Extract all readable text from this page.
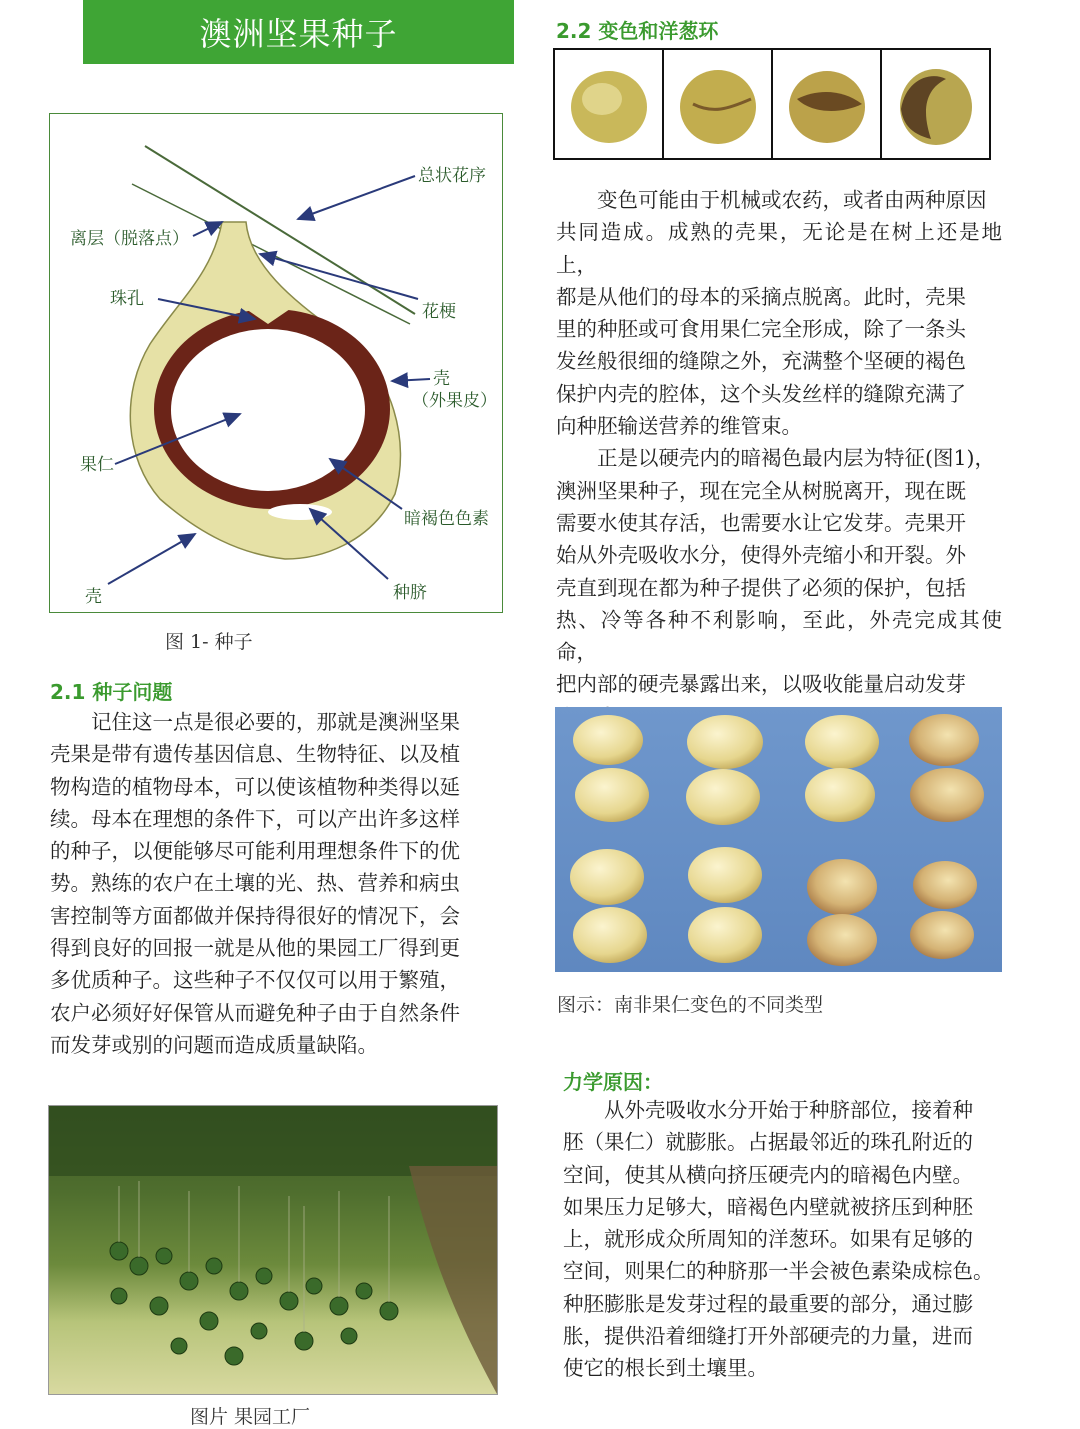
澳洲坚果种子
总状花序
离层（脱落点）
珠孔
花梗
壳
（外果皮）
果仁
暗褐色色素
壳	种脐
图 1- 种子
2.1 种子问题
记住这一点是很必要的，那就是澳洲坚果
壳果是带有遗传基因信息、生物特征、以及植
物构造的植物母本，可以使该植物种类得以延
续。母本在理想的条件下，可以产出许多这样
的种子，以便能够尽可能利用理想条件下的优
势。熟练的农户在土壤的光、热、营养和病虫
害控制等方面都做并保持得很好的情况下，会
得到良好的回报一就是从他的果园工厂得到更
多优质种子。这些种子不仅仅可以用于繁殖，
农户必须好好保管从而避免种子由于自然条件
而发芽或别的问题而造成质量缺陷。
图片 果园工厂
2.2 变色和洋葱环
变色可能由于机械或农药，或者由两种原因
共同造成。成熟的壳果，无论是在树上还是地上，
都是从他们的母本的采摘点脱离。此时，壳果
里的种胚或可食用果仁完全形成，除了一条头
发丝般很细的缝隙之外，充满整个坚硬的褐色
保护内壳的腔体，这个头发丝样的缝隙充满了
向种胚输送营养的维管束。
正是以硬壳内的暗褐色最内层为特征(图1)，
澳洲坚果种子，现在完全从树脱离开，现在既
需要水使其存活，也需要水让它发芽。壳果开
始从外壳吸收水分，使得外壳缩小和开裂。外
壳直到现在都为种子提供了必须的保护，包括
热、冷等各种不利影响，至此，外壳完成其使命，
把内部的硬壳暴露出来，以吸收能量启动发芽
图示：南非果仁变色的不同类型
力学原因：
从外壳吸收水分开始于种脐部位，接着种
胚（果仁）就膨胀。占据最邻近的珠孔附近的
空间，使其从横向挤压硬壳内的暗褐色内壁。
如果压力足够大，暗褐色内壁就被挤压到种胚
上，就形成众所周知的洋葱环。如果有足够的
空间，则果仁的种脐那一半会被色素染成棕色。
种胚膨胀是发芽过程的最重要的部分，通过膨
胀，提供沿着细缝打开外部硬壳的力量，进而
使它的根长到土壤里。
